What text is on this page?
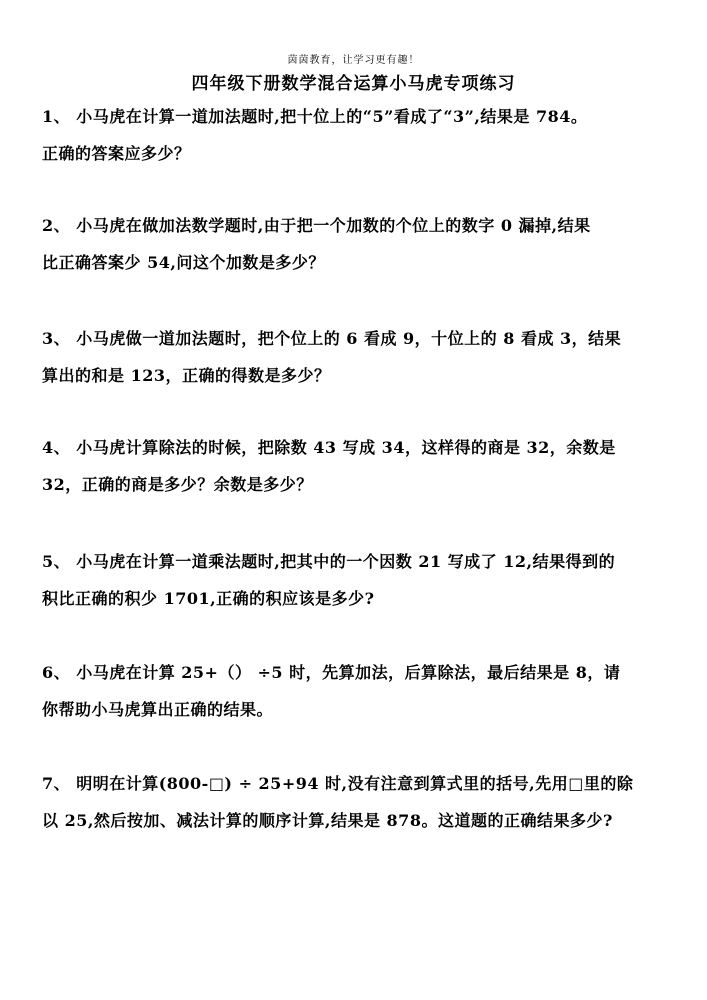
茵茵教育，让学习更有趣！
四年级下册数学混合运算小马虎专项练习
1、 小马虎在计算一道加法题时,把十位上的“5”看成了“3”,结果是 784。
正确的答案应多少？
2、 小马虎在做加法数学题时,由于把一个加数的个位上的数字 0 漏掉,结果
比正确答案少 54,问这个加数是多少？
3、 小马虎做一道加法题时，把个位上的 6 看成 9，十位上的 8 看成 3，结果
算出的和是 123，正确的得数是多少？
4、 小马虎计算除法的时候，把除数 43 写成 34，这样得的商是 32，余数是
32，正确的商是多少？余数是多少？
5、 小马虎在计算一道乘法题时,把其中的一个因数 21 写成了 12,结果得到的
积比正确的积少 1701,正确的积应该是多少?
6、 小马虎在计算 25+（） ÷5 时，先算加法，后算除法，最后结果是 8，请
你帮助小马虎算出正确的结果。
7、 明明在计算(800-□) ÷ 25+94 时,没有注意到算式里的括号,先用□里的除
以 25,然后按加、减法计算的顺序计算,结果是 878。这道题的正确结果多少?
